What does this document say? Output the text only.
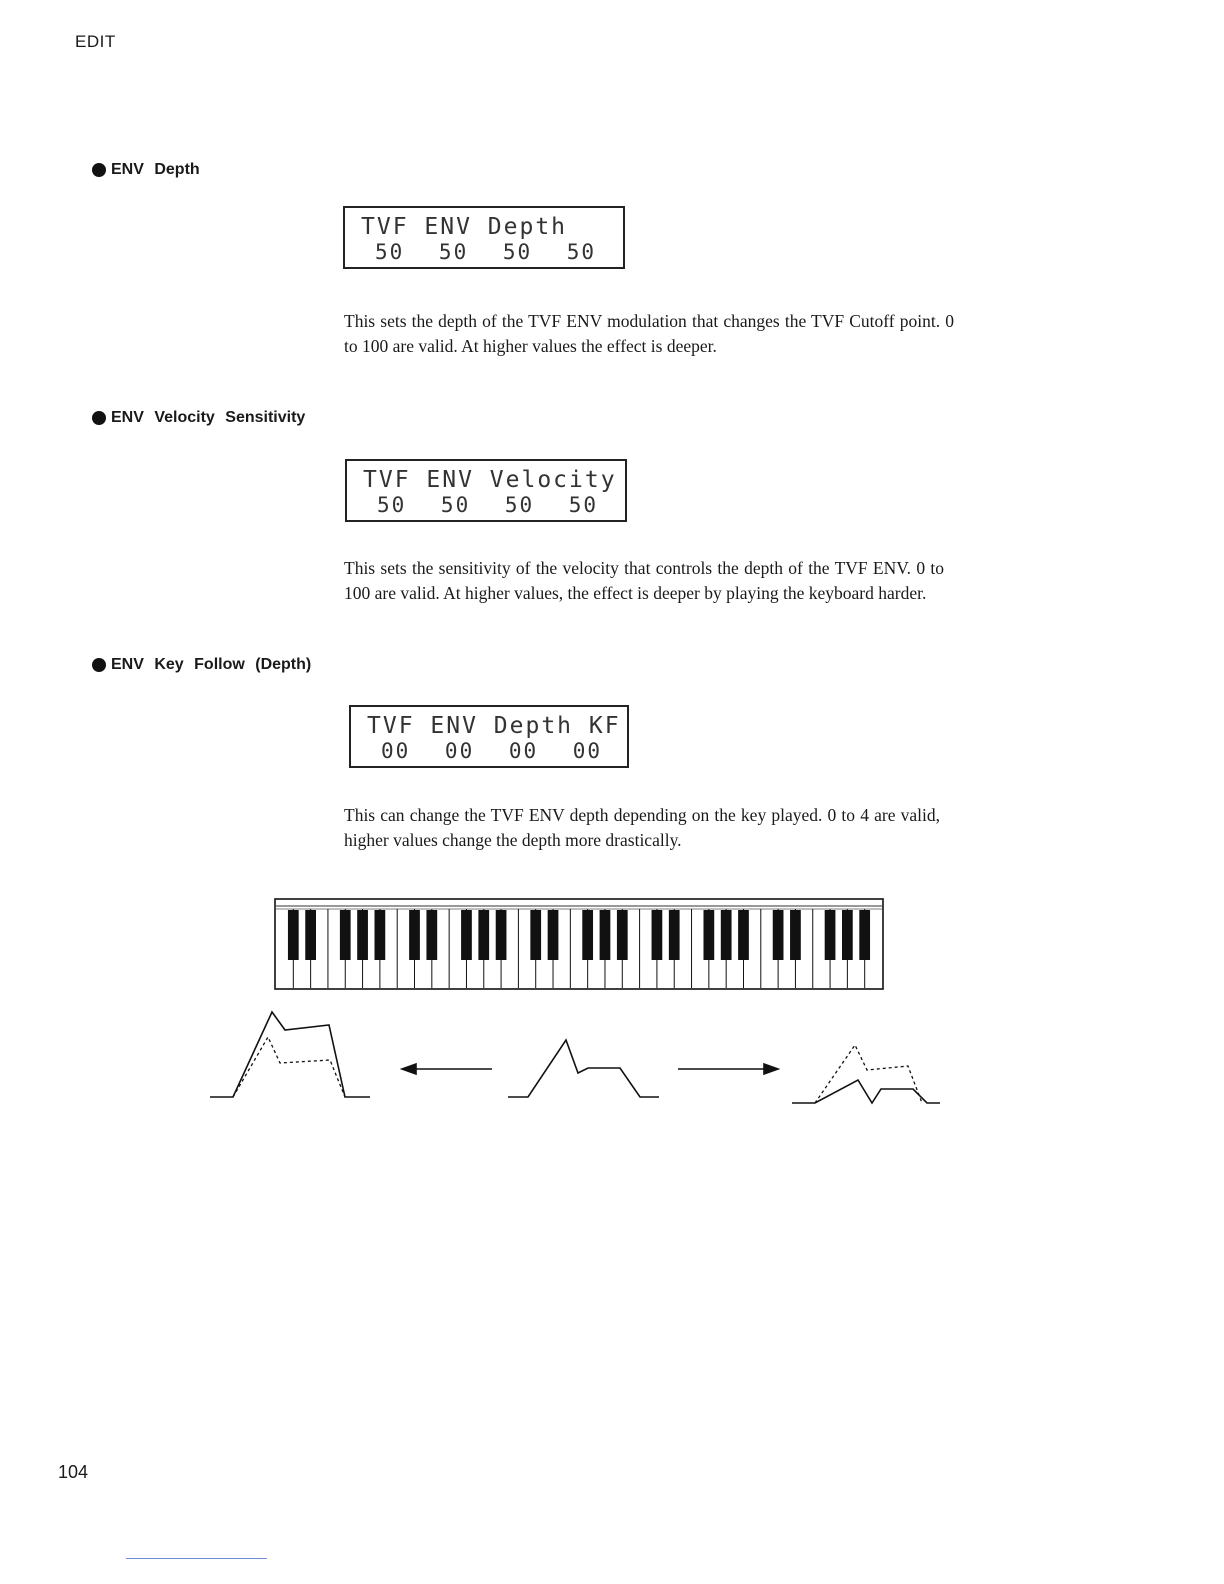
EDIT
ENV Depth
TVF ENV Depth
50 50 50 50
This sets the depth of the TVF ENV modulation that changes the TVF Cutoff point. 0 to 100 are valid. At higher values the effect is deeper.
ENV Velocity Sensitivity
TVF ENV Velocity
50 50 50 50
This sets the sensitivity of the velocity that controls the depth of the TVF ENV. 0 to 100 are valid. At higher values, the effect is deeper by playing the keyboard harder.
ENV Key Follow (Depth)
TVF ENV Depth KF
00 00 00 00
This can change the TVF ENV depth depending on the key played. 0 to 4 are valid, higher values change the depth more drastically.
104
